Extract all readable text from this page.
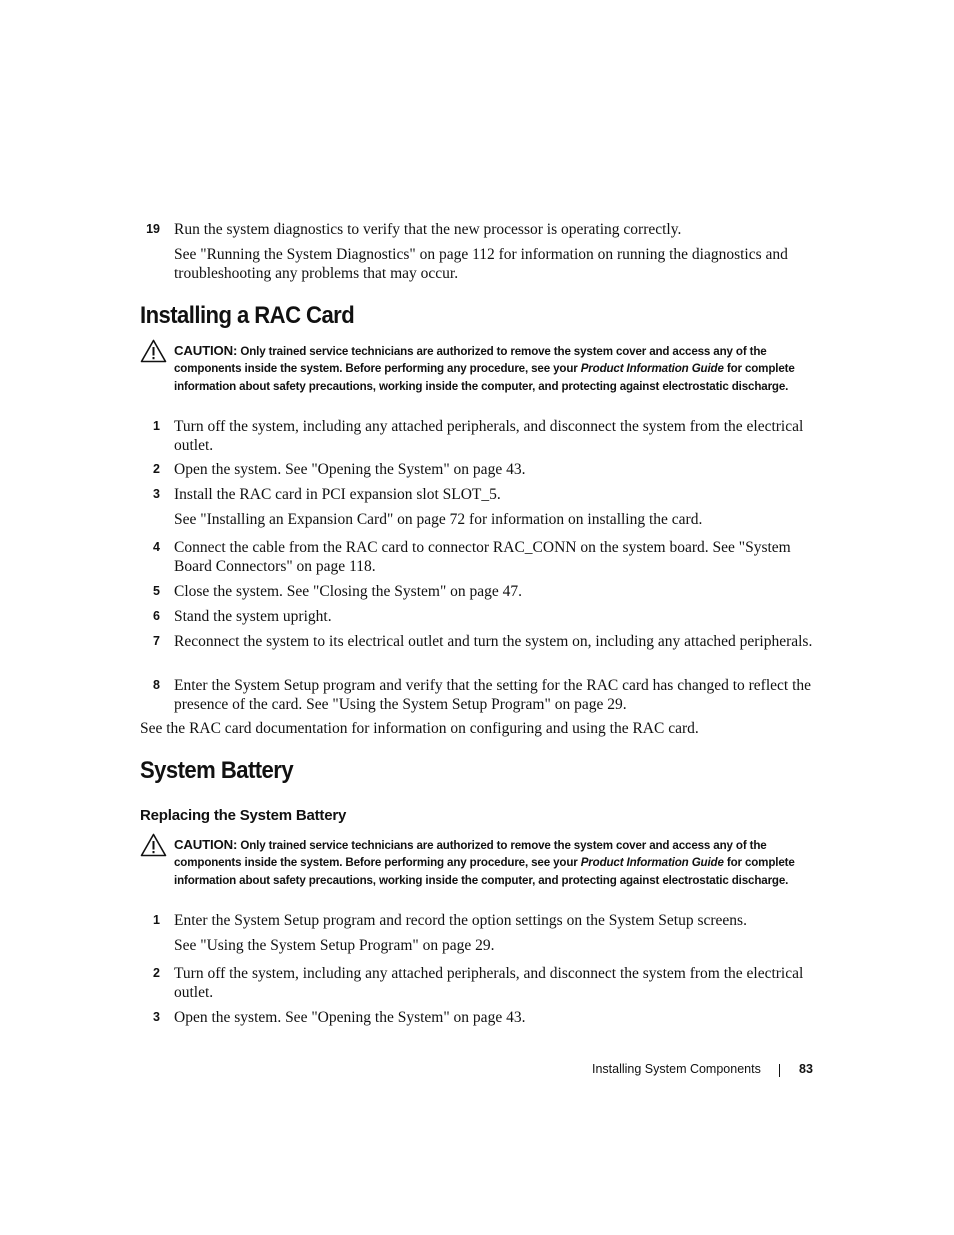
19 Run the system diagnostics to verify that the new processor is operating correctly.
See "Running the System Diagnostics" on page 112 for information on running the diagnostics and troubleshooting any problems that may occur.
Installing a RAC Card
CAUTION: Only trained service technicians are authorized to remove the system cover and access any of the components inside the system. Before performing any procedure, see your Product Information Guide for complete information about safety precautions, working inside the computer, and protecting against electrostatic discharge.
1 Turn off the system, including any attached peripherals, and disconnect the system from the electrical outlet.
2 Open the system. See "Opening the System" on page 43.
3 Install the RAC card in PCI expansion slot SLOT_5.
See "Installing an Expansion Card" on page 72 for information on installing the card.
4 Connect the cable from the RAC card to connector RAC_CONN on the system board. See "System Board Connectors" on page 118.
5 Close the system. See "Closing the System" on page 47.
6 Stand the system upright.
7 Reconnect the system to its electrical outlet and turn the system on, including any attached peripherals.
8 Enter the System Setup program and verify that the setting for the RAC card has changed to reflect the presence of the card. See "Using the System Setup Program" on page 29.
See the RAC card documentation for information on configuring and using the RAC card.
System Battery
Replacing the System Battery
CAUTION: Only trained service technicians are authorized to remove the system cover and access any of the components inside the system. Before performing any procedure, see your Product Information Guide for complete information about safety precautions, working inside the computer, and protecting against electrostatic discharge.
1 Enter the System Setup program and record the option settings on the System Setup screens.
See "Using the System Setup Program" on page 29.
2 Turn off the system, including any attached peripherals, and disconnect the system from the electrical outlet.
3 Open the system. See "Opening the System" on page 43.
Installing System Components	83
